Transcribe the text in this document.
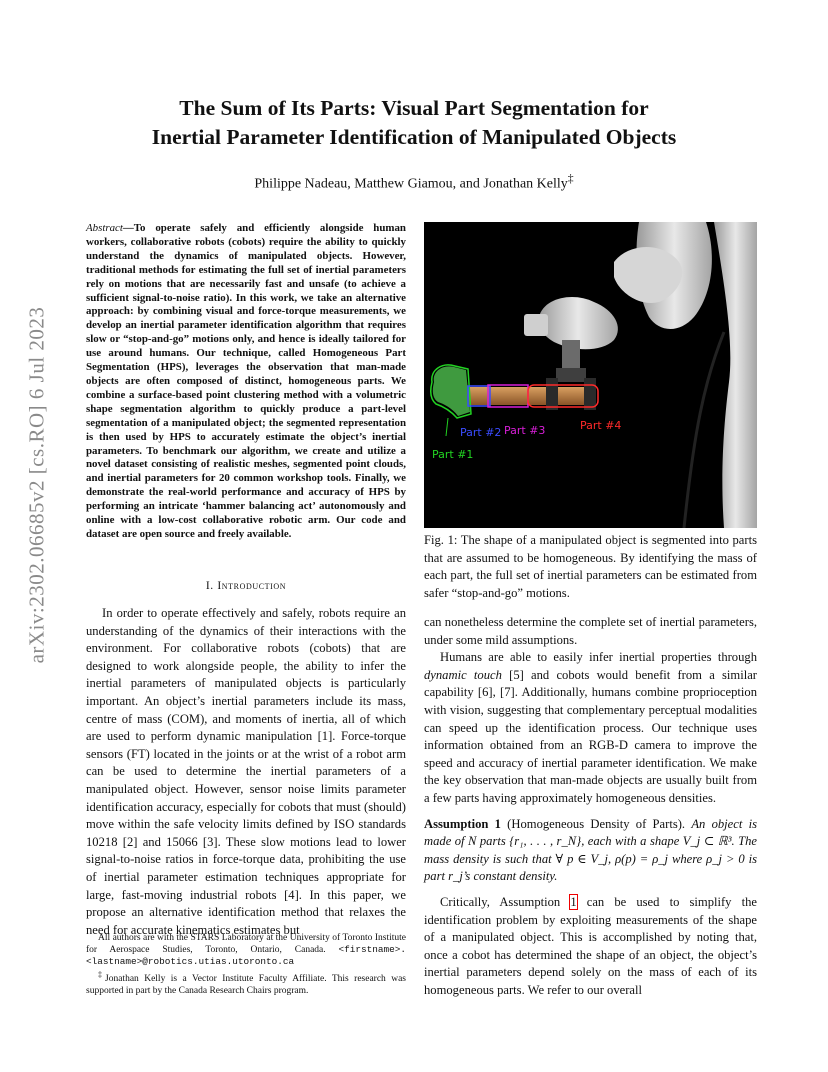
arXiv:2302.06685v2 [cs.RO] 6 Jul 2023
The Sum of Its Parts: Visual Part Segmentation for
Inertial Parameter Identification of Manipulated Objects
Philippe Nadeau, Matthew Giamou, and Jonathan Kelly‡
Abstract—To operate safely and efficiently alongside human workers, collaborative robots (cobots) require the ability to quickly understand the dynamics of manipulated objects. However, traditional methods for estimating the full set of inertial parameters rely on motions that are necessarily fast and unsafe (to achieve a sufficient signal-to-noise ratio). In this work, we take an alternative approach: by combining visual and force-torque measurements, we develop an inertial parameter identification algorithm that requires slow or “stop-and-go” motions only, and hence is ideally tailored for use around humans. Our technique, called Homogeneous Part Segmentation (HPS), leverages the observation that man-made objects are often composed of distinct, homogeneous parts. We combine a surface-based point clustering method with a volumetric shape segmentation algorithm to quickly produce a part-level segmentation of a manipulated object; the segmented representation is then used by HPS to accurately estimate the object’s inertial parameters. To benchmark our algorithm, we create and utilize a novel dataset consisting of realistic meshes, segmented point clouds, and inertial parameters for 20 common workshop tools. Finally, we demonstrate the real-world performance and accuracy of HPS by performing an intricate ‘hammer balancing act’ autonomously and online with a low-cost collaborative robotic arm. Our code and dataset are open source and freely available.
I. Introduction

In order to operate effectively and safely, robots require an understanding of the dynamics of their interactions with the environment. For collaborative robots (cobots) that are designed to work alongside people, the ability to infer the inertial parameters of manipulated objects is particularly important. An object’s inertial parameters include its mass, centre of mass (COM), and moments of inertia, all of which are used to perform dynamic manipulation [1]. Force-torque sensors (FT) located in the joints or at the wrist of a robot arm can be used to determine the inertial parameters of a manipulated object. However, sensor noise limits parameter identification accuracy, especially for cobots that must (should) move within the safe velocity limits defined by ISO standards 10218 [2] and 15066 [3]. These slow motions lead to lower signal-to-noise ratios in force-torque data, prohibiting the use of inertial parameter estimation techniques appropriate for large, fast-moving industrial robots [4]. In this paper, we propose an alternative identification method that relaxes the need for accurate kinematics estimates but

All authors are with the STARS Laboratory at the University of Toronto Institute for Aerospace Studies, Toronto, Ontario, Canada. <firstname>.<lastname>@robotics.utias.utoronto.ca

‡Jonathan Kelly is a Vector Institute Faculty Affiliate. This research was supported in part by the Canada Research Chairs program.

Part #1
Part #2 Part #3	Part #4
Fig. 1: The shape of a manipulated object is segmented into parts that are assumed to be homogeneous. By identifying the mass of each part, the full set of inertial parameters can be estimated from safer “stop-and-go” motions.

can nonetheless determine the complete set of inertial parameters, under some mild assumptions.

Humans are able to easily infer inertial properties through dynamic touch [5] and cobots would benefit from a similar capability [6], [7]. Additionally, humans combine proprioception with vision, suggesting that complementary perceptual modalities can speed up the identification process. Our technique uses information obtained from an RGB-D camera to improve the speed and accuracy of inertial parameter identification. We make the key observation that man-made objects are usually built from a few parts having approximately homogeneous densities.

Assumption 1 (Homogeneous Density of Parts). An object is made of N parts {r₁, . . . , r_N}, each with a shape V_j ⊂ ℝ³. The mass density is such that ∀ p ∈ V_j, ρ(p) = ρ_j where ρ_j > 0 is part r_j’s constant density.

Critically, Assumption 1 can be used to simplify the identification problem by exploiting measurements of the shape of a manipulated object. This is accomplished by noting that, once a cobot has determined the shape of an object, the object’s inertial parameters depend solely on the mass of each of its homogeneous parts. We refer to our overall
